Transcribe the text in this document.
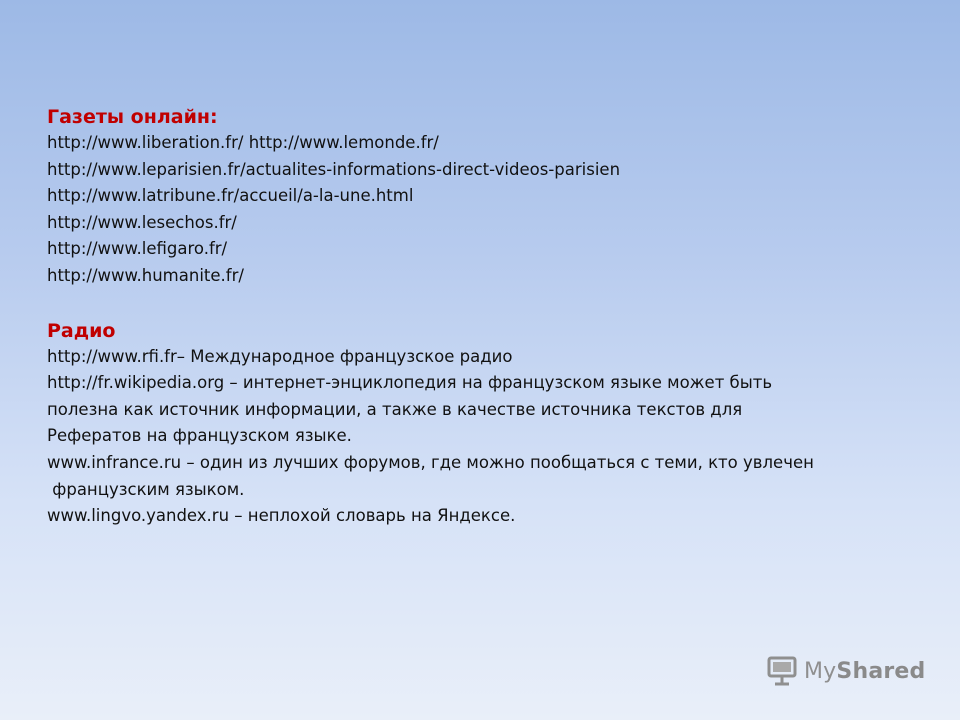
Газеты онлайн:
http://www.liberation.fr/ http://www.lemonde.fr/
http://www.leparisien.fr/actualites-informations-direct-videos-parisien
http://www.latribune.fr/accueil/a-la-une.html
http://www.lesechos.fr/
http://www.lefigaro.fr/
http://www.humanite.fr/
Радио
http://www.rfi.fr– Международное французское радио
http://fr.wikipedia.org – интернет-энциклопедия на французском языке может быть
полезна как источник информации, а также в качестве источника текстов для
Рефератов на французском языке.
www.infrance.ru – один из лучших форумов, где можно пообщаться с теми, кто увлечен
французским языком.
www.lingvo.yandex.ru – неплохой словарь на Яндексе.
MyShared
